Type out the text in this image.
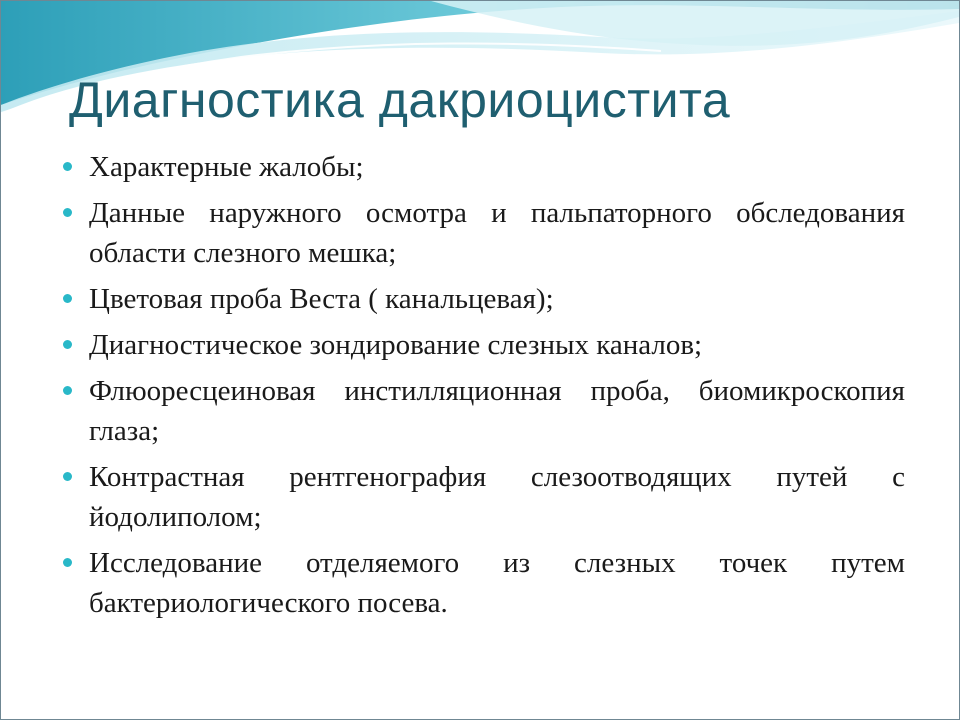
Диагностика дакриоцистита
Характерные жалобы;
Данные наружного осмотра и пальпаторного обследования области слезного мешка;
Цветовая проба Веста ( канальцевая);
Диагностическое зондирование слезных каналов;
Флюоресцеиновая инстилляционная проба, биомикроскопия глаза;
Контрастная рентгенография слезоотводящих путей с йодолиполом;
Исследование отделяемого из слезных точек путем бактериологического посева.
